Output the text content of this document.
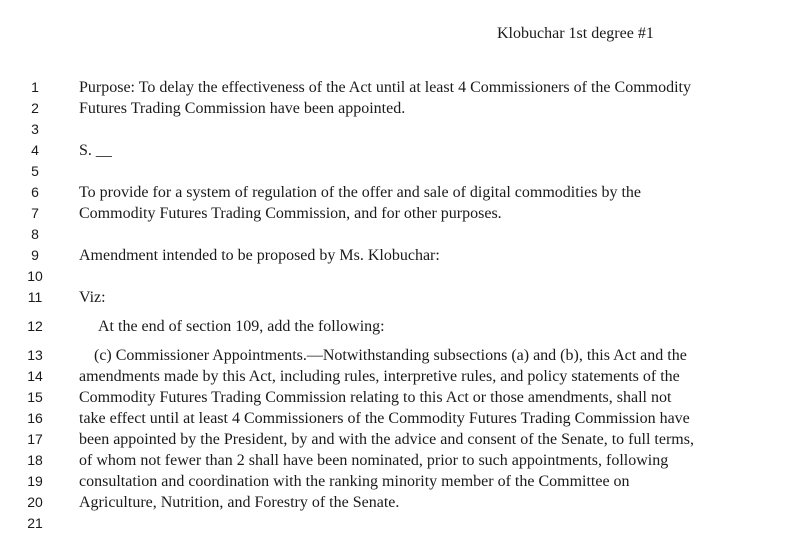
Klobuchar 1st degree #1
1	Purpose: To delay the effectiveness of the Act until at least 4 Commissioners of the Commodity
2	Futures Trading Commission have been appointed.
3
4	S. __
5
6	To provide for a system of regulation of the offer and sale of digital commodities by the
7	Commodity Futures Trading Commission, and for other purposes.
8
9	Amendment intended to be proposed by Ms. Klobuchar:
10
11	Viz:
12	At the end of section 109, add the following:
13	(c) Commissioner Appointments.—Notwithstanding subsections (a) and (b), this Act and the
14	amendments made by this Act, including rules, interpretive rules, and policy statements of the
15	Commodity Futures Trading Commission relating to this Act or those amendments, shall not
16	take effect until at least 4 Commissioners of the Commodity Futures Trading Commission have
17	been appointed by the President, by and with the advice and consent of the Senate, to full terms,
18	of whom not fewer than 2 shall have been nominated, prior to such appointments, following
19	consultation and coordination with the ranking minority member of the Committee on
20	Agriculture, Nutrition, and Forestry of the Senate.
21
